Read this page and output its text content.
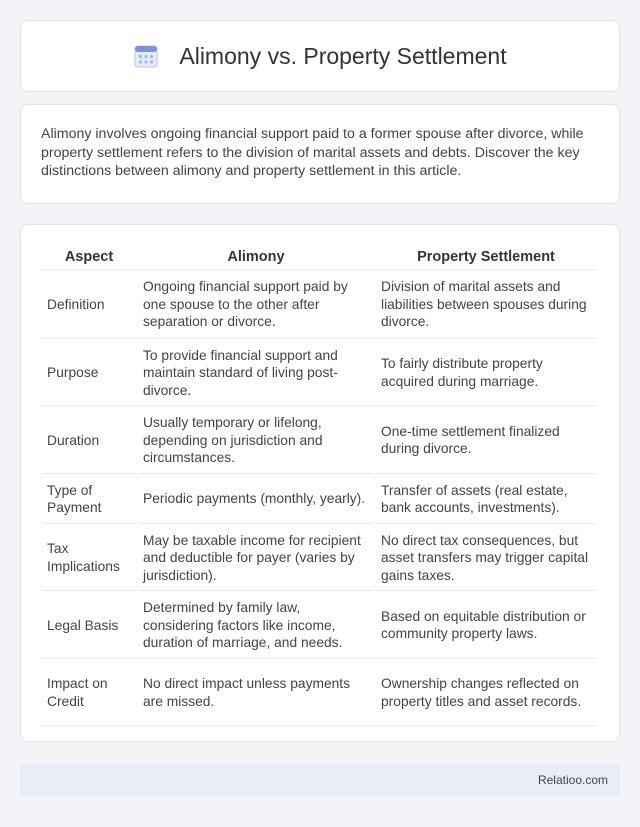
Alimony vs. Property Settlement

Alimony involves ongoing financial support paid to a former spouse after divorce, while property settlement refers to the division of marital assets and debts. Discover the key distinctions between alimony and property settlement in this article.

Aspect	Alimony	Property Settlement
Definition	Ongoing financial support paid by one spouse to the other after separation or divorce.	Division of marital assets and liabilities between spouses during divorce.
Purpose	To provide financial support and maintain standard of living post-divorce.	To fairly distribute property acquired during marriage.
Duration	Usually temporary or lifelong, depending on jurisdiction and circumstances.	One-time settlement finalized during divorce.
Type of Payment	Periodic payments (monthly, yearly).	Transfer of assets (real estate, bank accounts, investments).
Tax Implications	May be taxable income for recipient and deductible for payer (varies by jurisdiction).	No direct tax consequences, but asset transfers may trigger capital gains taxes.
Legal Basis	Determined by family law, considering factors like income, duration of marriage, and needs.	Based on equitable distribution or community property laws.
Impact on Credit	No direct impact unless payments are missed.	Ownership changes reflected on property titles and asset records.
Relatioo.com
